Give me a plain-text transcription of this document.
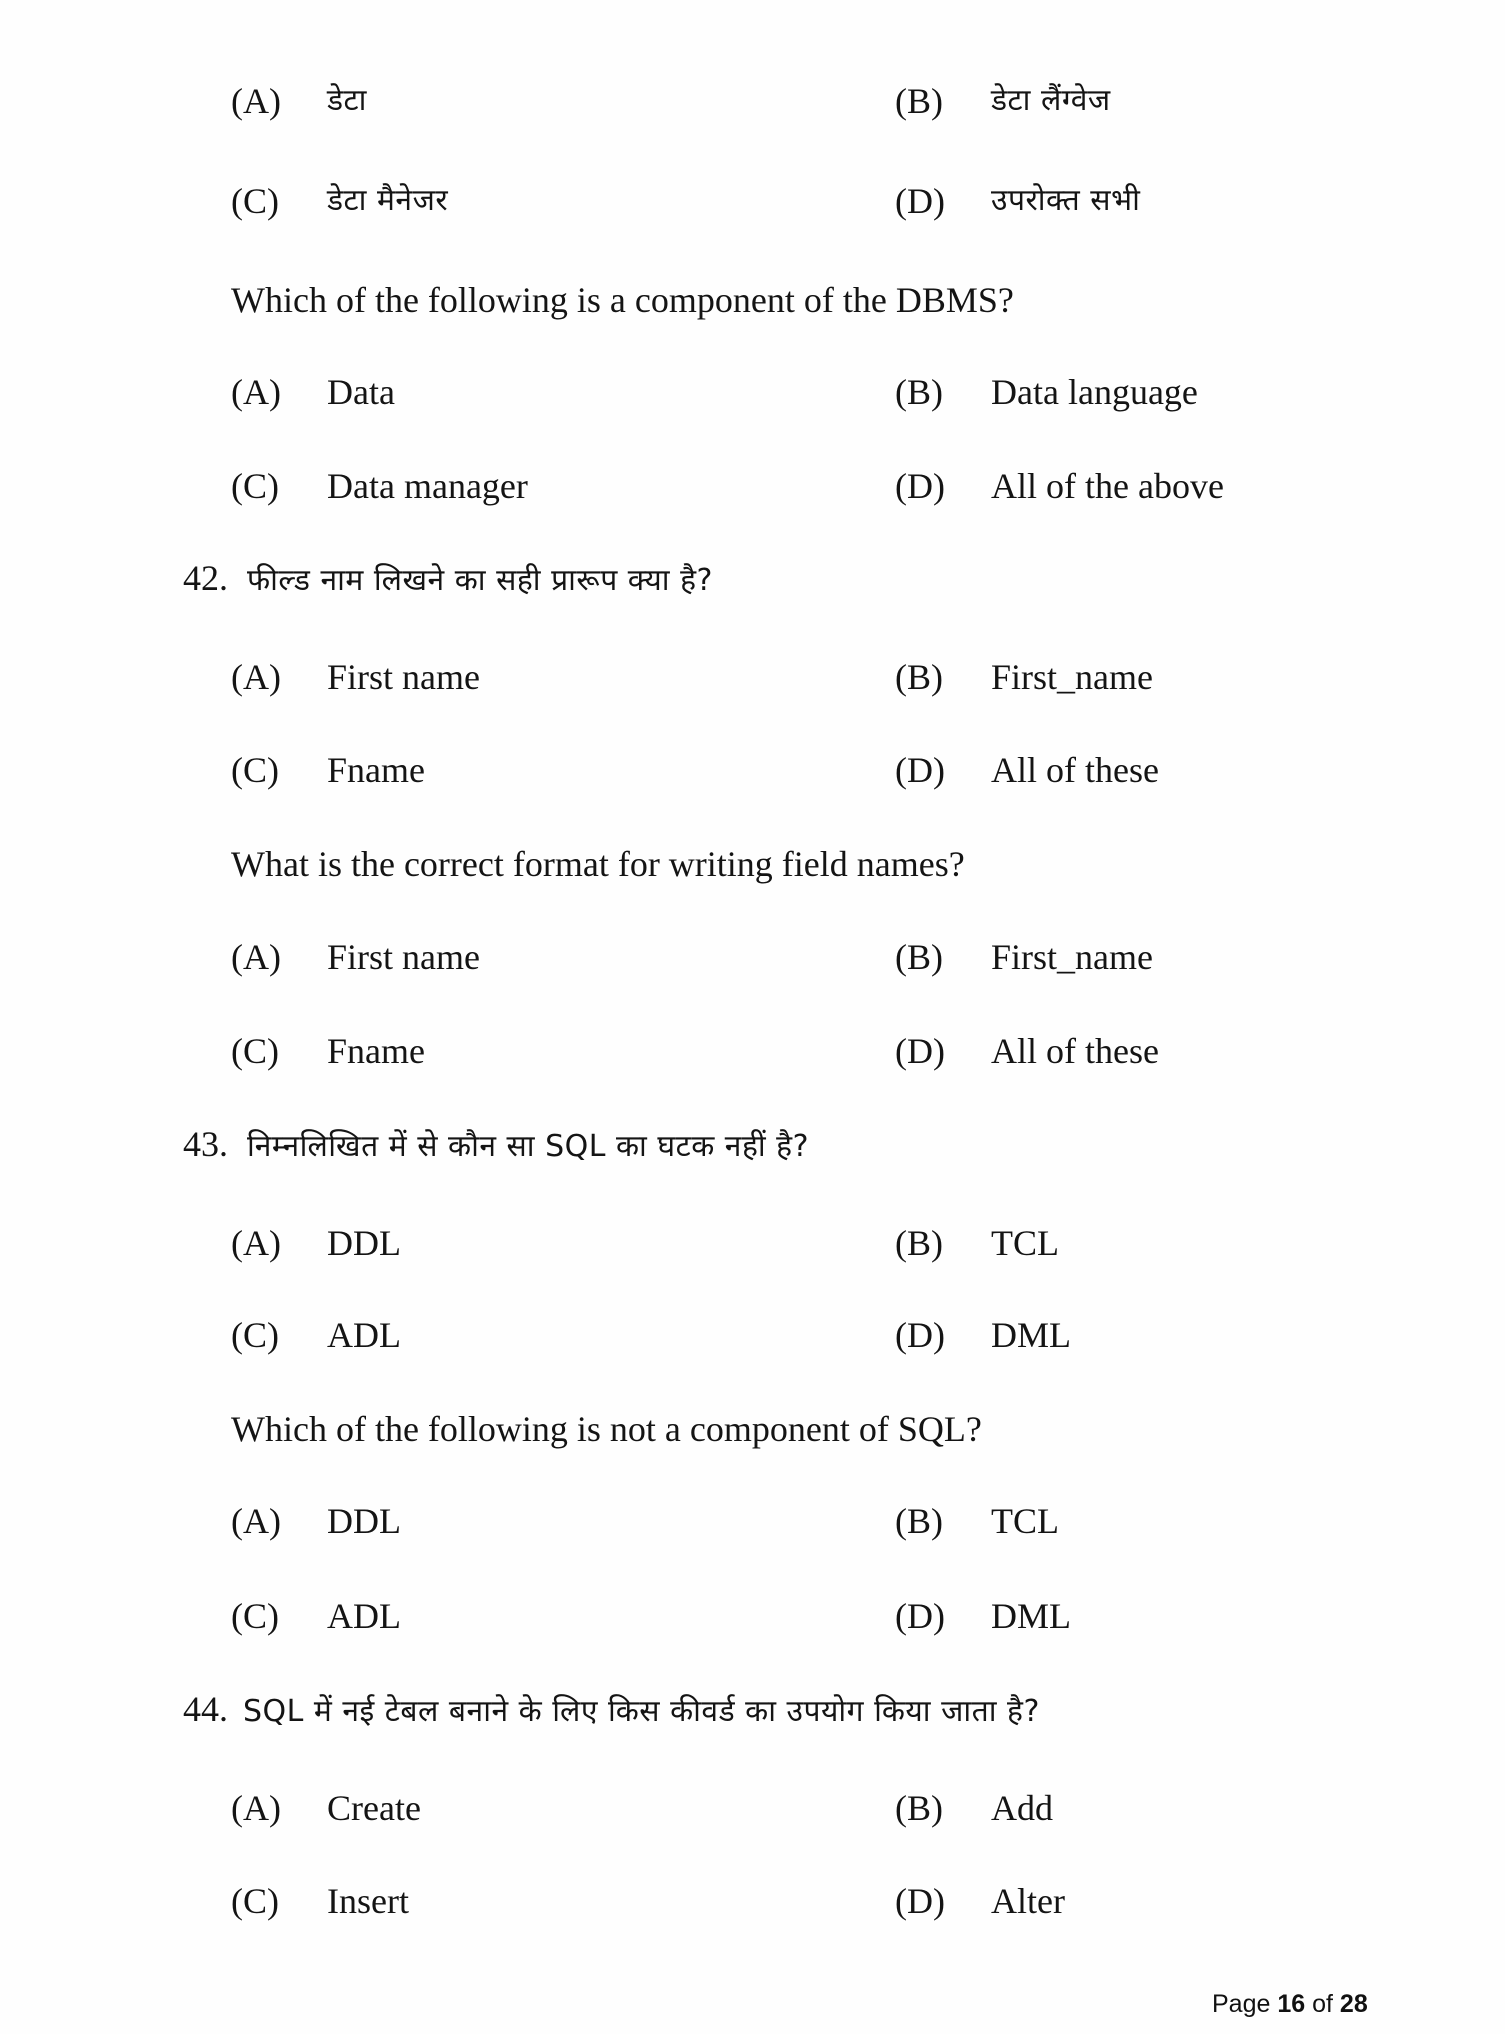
(A) डेटा	(B) डेटा लैंग्वेज
(C) डेटा मैनेजर	(D) उपरोक्त सभी
Which of the following is a component of the DBMS?
(A) Data	(B) Data language
(C) Data manager	(D) All of the above
42. फील्ड नाम लिखने का सही प्रारूप क्या है?
(A) First name	(B) First_name
(C) Fname	(D) All of these
What is the correct format for writing field names?
(A) First name	(B) First_name
(C) Fname	(D) All of these
43. निम्नलिखित में से कौन सा SQL का घटक नहीं है?
(A) DDL	(B) TCL
(C) ADL	(D) DML
Which of the following is not a component of SQL?
(A) DDL	(B) TCL
(C) ADL	(D) DML
44. SQL में नई टेबल बनाने के लिए किस कीवर्ड का उपयोग किया जाता है?
(A) Create	(B) Add
(C) Insert	(D) Alter
Page 16 of 28
